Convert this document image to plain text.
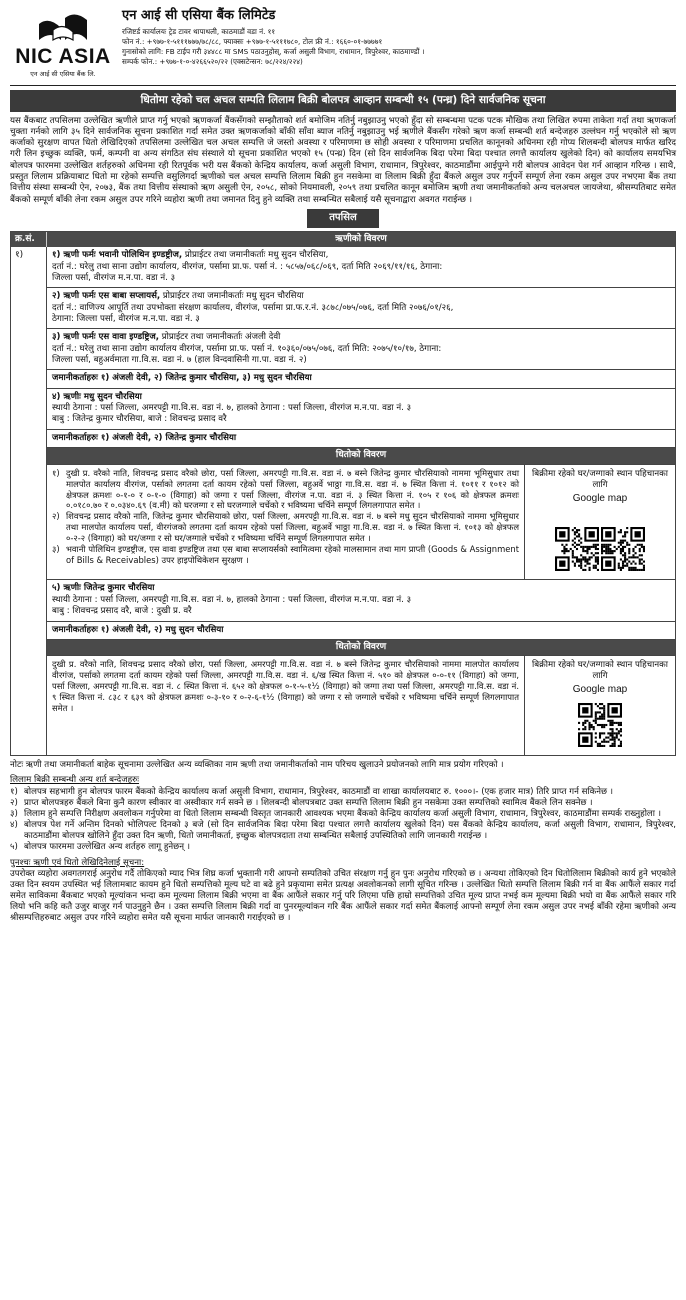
NIC ASIA
एन आई सी एसिया बैंक लि.
एन आई सी एसिया बैंक लिमिटेड
रजिष्टर्ड कार्यालयः ट्रेड टावर थापाथली, काठमाडौं वडा नं. ११
फोन नं.: +९७७-१-५१११७७७/७८/८८, फ्याक्सः +९७७-१-५१११७८०, टोल फ्री नं.: १६६०-०१-७७७७१
गुनासोको लागि: FB टाईप गरी ३४४८८ मा SMS पठाउनुहोस्, कर्जा असुली विभाग, राधामान, त्रिपुरेश्वर, काठमाण्डौं ।
सम्पर्क फोन.: +९७७-१-०-४२६६५२०/२२ (एक्सटेन्सन: ७८/२२४/२२४)
धितोमा रहेको चल अचल सम्पति लिलाम बिक्री बोलपत्र आव्हान सम्बन्धी १५ (पन्ध्र) दिने सार्वजनिक सूचना
यस बैंकबाट तपसिलमा उल्लेखित ऋणीले प्राप्त गर्नु भएको ऋणकर्जा बैंकसँगको सम्झौताको शर्त बमोजिम नतिर्नु नबुझाउनु भएको हुँदा सो सम्बन्धमा पटक पटक मौखिक तथा लिखित रुपमा ताकेता गर्दा तथा ऋणकर्जा चुक्ता गर्नको लागि ३५ दिने सार्वजनिक सूचना प्रकाशित गर्दा समेत उक्त ऋणकर्जाको बाँकी साँवा ब्याज नतिर्नु नबुझाउनु भई ऋणीले बैंकसँग गरेको ऋण कर्जा सम्बन्धी शर्त बन्देजहरु उल्लंघन गर्नु भएकोले सो ऋण कर्जाको सुरक्षण वापत धितो लेखिदिएको तपसिलमा उल्लेखित चल अचल सम्पत्ति जे जस्तो अवस्था र परिमाणमा छ सोही अवस्था र परिमाणमा प्रचलित कानूनको अधिनमा रही गोप्य शिलबन्दी बोलपत्र मार्फत खरिद गरी लिन इच्छुक व्यक्ति, फर्म, कम्पनी वा अन्य संगठित संघ संस्थाले यो सूचना प्रकाशित भएको १५ (पन्ध्र) दिन (सो दिन सार्वजनिक बिदा परेमा बिदा पश्चात लगत्तै कार्यालय खुलेको दिन) को कार्यालय समयभित्र बोलपत्र फारममा उल्लेखित शर्तहरुको अधिनमा रही रितपूर्वक भरी यस बैंकको केन्द्रिय कार्यालय, कर्जा असुली विभाग, राधामान, त्रिपुरेश्वर, काठमाडौंमा आईपुग्ने गरी बोलपत्र आवेदन पेश गर्न आव्हान गरिन्छ । साथै, प्रस्तुत लिलाम प्रक्रियाबाट धितो मा रहेको सम्पत्ति वसुलिगर्दा ऋणीको चल अचल सम्पत्ति लिलाम बिक्री हुन नसकेमा वा लिलाम बिक्री हुँदा बैंकले असुल उपर गर्नुपर्ने सम्पूर्ण लेना रकम असुल उपर नभएमा बैंक तथा वित्तीय संस्था सम्बन्धी ऐन, २०७३, बैंक तथा वित्तीय संस्थाको ऋण असुली ऐन, २०५८, सोको नियमावली, २०५९ तथा प्रचलित कानून बमोजिम ऋणी तथा जमानीकर्ताको अन्य चलअचल जायजेथा, श्रीसम्पतिबाट समेत बैंकको सम्पूर्ण बाँकी लेना रकम असुल उपर गरिने व्यहोरा ऋणी तथा जमानत दिनु हुने व्यक्ति तथा सम्बन्धित सबैलाई यसै सूचनाद्वारा अवगत गराईन्छ ।
तपसिल
क्र.सं.	ऋणीको विवरण
१)	१) ऋणी फर्मः भवानी पोलिथिन इण्डष्ट्रीज, प्रोप्राईटर तथा जमानीकर्ताः मधु सुदन चौरसिया,
दर्ता नं.: घरेलु तथा साना उद्योग कार्यालय, वीरगंज, पर्सामा प्रा.फ. पर्सा नं. : ५८५७/०६८/०६९, दर्ता मिति २०६९/११/१६, ठेगाना:
जिल्ला पर्सा, वीरगंज म.न.पा. वडा नं. ३
२) ऋणी फर्मः एस बाबा सप्लायर्स, प्रोप्राईटर तथा जमानीकर्ताः मधु सुदन चौरसिया
दर्ता नं.: वाणिज्य आपूर्ति तथा उपभोक्ता संरक्षण कार्यालय, वीरगंज, पर्सामा प्रा.फ.र.नं. ३८७८/०७५/०७६, दर्ता मिति २०७६/०१/२६,
ठेगाना: जिल्ला पर्सा, वीरगंज म.न.पा. वडा नं. ३
३) ऋणी फर्मः एस वावा इण्डष्ट्रिज, प्रोप्राईटर तथा जमानीकर्ताः अंजली देवी
दर्ता नं.: घरेलु तथा साना उद्योग कार्यालय वीरगंज, पर्सामा प्रा.फ. पर्सा नं. १०३६०/०७५/०७६, दर्ता मिति: २०७५/१०/१७, ठेगाना:
जिल्ला पर्सा, बहुअर्वमाता गा.वि.स. वडा नं. ७ (हाल विन्दवासिनी गा.पा. वडा नं. २)
जमानीकर्ताहरुः १) अंजली देवी, २) जितेन्द्र कुमार चौरसिया, ३) मधु सुदन चौरसिया
४) ऋणीः मधु सुदन चौरसिया
स्थायी ठेगाना : पर्सा जिल्ला, अमरपट्टी गा.वि.स. वडा नं. ७, हालको ठेगाना : पर्सा जिल्ला, वीरगंज म.न.पा. वडा नं. ३
बाबु : जितेन्द्र कुमार चौरसिया, बाजे : शिवचन्द्र प्रसाद वरै
जमानीकर्ताहरुः १) अंजली देवी, २) जितेन्द्र कुमार चौरसिया
धितोको विवरण
१) दुखी प्र. वरैको नाति, शिवचन्द्र प्रसाद वरैको छोरा, पर्सा जिल्ला, अमरपट्टी गा.वि.स. वडा नं. ७ बस्ने जितेन्द्र कुमार चौरसियाको नाममा भूमिसुधार तथा मालपोत कार्यालय वीरगंज, पर्साको लगतमा दर्ता कायम रहेको पर्सा जिल्ला, बहुअर्वे भाठ्ठा गा.वि.स. वडा नं. ७ स्थित कित्ता नं. १०११ र १०१२ को क्षेत्रफल क्रमशः ०-१-० र ०-१-० (विगाहा) को जग्गा र पर्सा जिल्ला, वीरगंज न.पा. वडा नं. ३ स्थित कित्ता नं. १०५ र १०६ को क्षेत्रफल क्रमशः ०.०१८०.७० र ०.०३४०.६९ (व.मी) को घरजग्गा र सो घरजग्गाले चर्चेको र भविष्यमा चर्चिने सम्पूर्ण लिगलगापात समेत ।
२) शिवचन्द्र प्रसाद वरैको नाति, जितेन्द्र कुमार चौरसियाको छोरा, पर्सा जिल्ला, अमरपट्टी गा.वि.स. वडा नं. ७ बस्ने मधु सुदन चौरसियाको नाममा भूमिसुधार तथा मालपोत कार्यालय पर्सा, वीरगंजको लगतमा दर्ता कायम रहेको पर्सा जिल्ला, बहुअर्वे भाठ्ठा गा.वि.स. वडा नं. ७ स्थित कित्ता नं. १०१३ को क्षेत्रफल ०-२-२ (विगाहा) को घर/जग्गा र सो घर/जग्गाले चर्चेको र भविष्यमा चर्चिने सम्पूर्ण लिगलगापात समेत ।
३) भवानी पोलिथिन इण्डष्ट्रीज, एस वावा इण्डष्ट्रिज तथा एस बाबा सप्लायर्सको स्वामित्वमा रहेको मालसामान तथा माग प्राप्ती (Goods & Assignment of Bills & Receivables) उपर हाइपोथिकेशन सुरक्षण ।
बिक्रीमा रहेको घर/जग्गाको स्थान पहिचानका लागि
Google map

५) ऋणीः जितेन्द्र कुमार चौरसिया
स्थायी ठेगाना : पर्सा जिल्ला, अमरपट्टी गा.वि.स. वडा नं. ७, हालको ठेगाना : पर्सा जिल्ला, वीरगंज म.न.पा. वडा नं. ३
बाबु : शिवचन्द्र प्रसाद वरै, बाजे : दुखी प्र. वरै
जमानीकर्ताहरुः १) अंजली देवी, २) मधु सुदन चौरसिया
धितोको विवरण
दुखी प्र. वरैको नाति, शिवचन्द्र प्रसाद वरैको छोरा, पर्सा जिल्ला, अमरपट्टी गा.वि.स. वडा नं. ७ बस्ने जितेन्द्र कुमार चौरसियाको नाममा मालपोत कार्यालय वीरगंज, पर्साको लगतमा दर्ता कायम रहेको पर्सा जिल्ला, अमरपट्टी गा.वि.स. वडा नं. ६/ख स्थित कित्ता नं. ५१० को क्षेत्रफल ०-०-११ (विगाहा) को जग्गा, पर्सा जिल्ला, अमरपट्टी गा.वि.स. वडा नं. ८ स्थित कित्ता नं. ६५२ को क्षेत्रफल ०-१-५-१½ (विगाहा) को जग्गा तथा पर्सा जिल्ला, अमरपट्टी गा.वि.स. वडा नं. ९ स्थित कित्ता नं. ८३८ र ६३९ को क्षेत्रफल क्रमशः ०-३-१० र ०-२-६-१½ (विगाहा) को जग्गा र सो जग्गाले चर्चेको र भविष्यमा चर्चिने सम्पूर्ण लिगलगापात समेत ।
बिक्रीमा रहेको घर/जग्गाको स्थान पहिचानका लागि
Google map
नोटः ऋणी तथा जमानीकर्ता बाहेक सूचनामा उल्लेखित अन्य व्यक्तिका नाम ऋणी तथा जमानीकर्ताको नाम परिचय खुलाउने प्रयोजनको लागि मात्र प्रयोग गरिएको ।
लिलाम बिक्री सम्बन्धी अन्य शर्त बन्देजहरुः
१) बोलपत्र सहभागी हुन बोलपत्र फारम बैंकको केन्द्रिय कार्यालय कर्जा असुली विभाग, राधामान, त्रिपुरेश्वर, काठमाडौं वा शाखा कार्यालयबाट रु. १०००।- (एक हजार मात्र) तिरि प्राप्त गर्न सकिनेछ ।
२) प्राप्त बोलपत्रहरु बैंकले बिना कुनै कारण स्वीकार वा अस्वीकार गर्न सक्ने छ । शिलबन्दी बोलपत्रबाट उक्त सम्पत्ति लिलाम बिक्री हुन नसकेमा उक्त सम्पत्तिको स्वामित्व बैंकले लिन सक्नेछ ।
३) लिलाम हुने सम्पत्ति निरीक्षण अवलोकन गर्नुपरेमा वा धितो लिलाम सम्बन्धी विस्तृत जानकारी आवश्यक भएमा बैंकको केन्द्रिय कार्यालय कर्जा असुली विभाग, राधामान, त्रिपुरेश्वर, काठमाडौंमा सम्पर्क राख्नुहोला ।
४) बोलपत्र पेश गर्ने अन्तिम दिनको भोलिपल्ट दिनको ३ बजे (सो दिन सार्वजनिक बिदा परेमा बिदा पश्चात लगत्तै कार्यालय खुलेको दिन) यस बैंकको केन्द्रिय कार्यालय, कर्जा असुली विभाग, राधामान, त्रिपुरेश्वर, काठमाडौंमा बोलपत्र खोलिने हुँदा उक्त दिन ऋणी, धितो जमानीकर्ता, इच्छुक बोलपत्रदाता तथा सम्बन्धित सबैलाई उपस्थितिको लागि जानकारी गराईन्छ ।
५) बोलपत्र फारममा उल्लेखित अन्य शर्तहरु लागू हुनेछन् ।
पुनश्चः ऋणी एवं धितो लेखिदिनेलाई सूचना:
उपरोक्त व्यहोरा अवगतगराई अनुरोध गर्दै तोकिएको म्याद भित्र शिघ्र कर्जा भुक्तानी गरी आफ्नो सम्पतिको उचित संरक्षण गर्नु हुन पुनः अनुरोध गरिएको छ । अन्यथा तोकिएको दिन धितोलिलाम बिक्रीको कार्य हुने भएकोले उक्त दिन स्वयम उपस्थित भई लिलामबाट कायम हुने धितो सम्पत्तिको मूल्य घटे वा बढे हुने प्रकृयामा समेत प्रत्यक्ष अवलोकनको लागी सूचित गरिन्छ । उल्लेखित धितो सम्पत्ति लिलाम बिक्री गर्न वा बैंक आफैंले सकार गर्दा समेत साविकमा बैंकबाट भएको मूल्यांकन भन्दा कम मूल्यमा लिलाम बिक्री भएमा वा बैंक आफैंले सकार गर्नु परि लिएमा पछि हाम्रो सम्पत्तिको उचित मूल्य प्राप्त नभई कम मूल्यमा बिक्री भयो वा बैंक आफैंले सकार गरि लियो भनि कहि कतै उजुर बाजुर गर्न पाउनुहुने छैन । उक्त सम्पत्ति लिलाम बिक्री गर्दा वा पुनरमूल्यांकन गरि बैंक आफैंले सकार गर्दा समेत बैंकलाई आफ्नो सम्पूर्ण लेना रकम असुल उपर नभई बाँकी रहेमा ऋणीको अन्य श्रीसम्पत्तिहरुबाट असुल उपर गरिने व्यहोरा समेत यसै सूचना मार्फत जानकारी गराईएको छ ।
